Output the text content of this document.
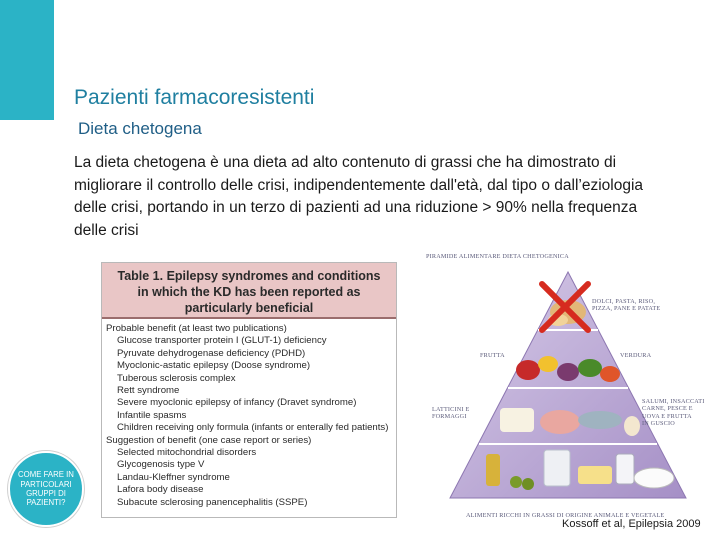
Pazienti farmacoresistenti
Dieta chetogena
La dieta chetogena è una dieta ad alto contenuto di grassi che ha dimostrato di migliorare il controllo delle crisi, indipendentemente dall'età, dal tipo o dall’eziologia delle crisi, portando in un terzo di pazienti ad una riduzione > 90% nella frequenza delle crisi
Table 1. Epilepsy syndromes and conditions
in which the KD has been reported as
particularly beneficial
Probable benefit (at least two publications)
Glucose transporter protein I (GLUT-1) deficiency
Pyruvate dehydrogenase deficiency (PDHD)
Myoclonic-astatic epilepsy (Doose syndrome)
Tuberous sclerosis complex
Rett syndrome
Severe myoclonic epilepsy of infancy (Dravet syndrome)
Infantile spasms
Children receiving only formula (infants or enterally fed patients)
Suggestion of benefit (one case report or series)
Selected mitochondrial disorders
Glycogenosis type V
Landau-Kleffner syndrome
Lafora body disease
Subacute sclerosing panencephalitis (SSPE)
PIRAMIDE ALIMENTARE DIETA CHETOGENICA
DOLCI, PASTA, RISO,
PIZZA, PANE E PATATE
FRUTTA	VERDURA
LATTICINI E
FORMAGGI
SALUMI, INSACCATI
CARNE, PESCE E
UOVA E FRUTTA
IN GUSCIO
ALIMENTI RICCHI IN GRASSI DI ORIGINE ANIMALE E VEGETALE
COME FARE IN PARTICOLARI GRUPPI DI PAZIENTI?
Kossoff et al, Epilepsia 2009
